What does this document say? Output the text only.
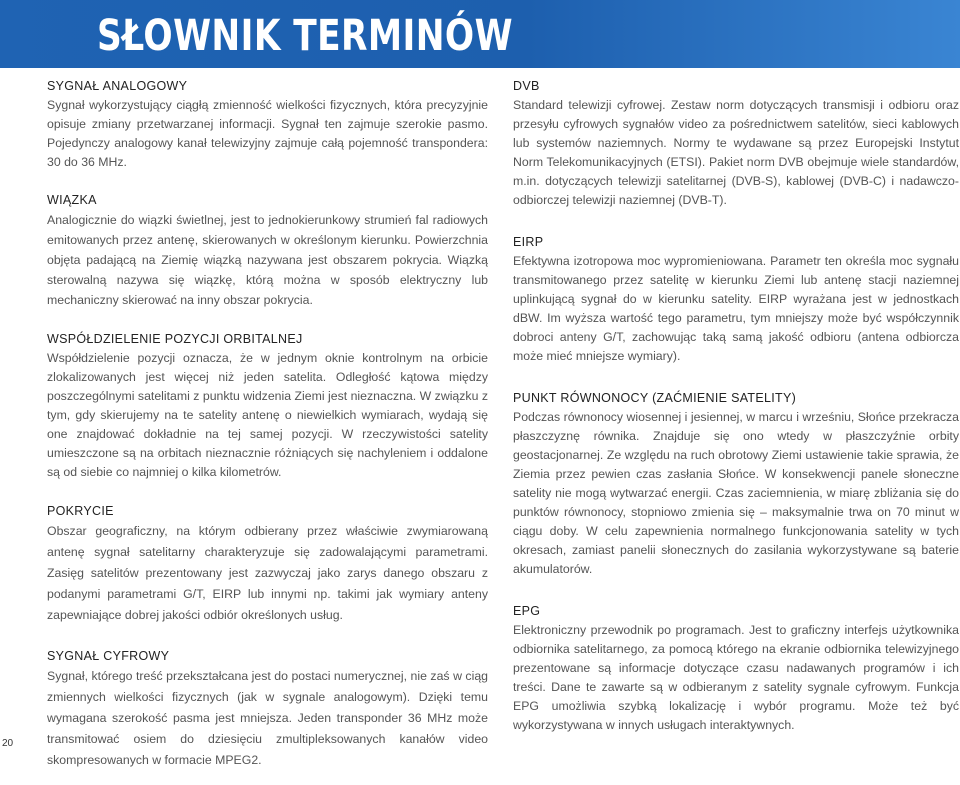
SŁOWNIK TERMINÓW
SYGNAŁ ANALOGOWY

Sygnał wykorzystujący ciągłą zmienność wielkości fizycznych, która precyzyjnie opisuje zmiany przetwarzanej informacji. Sygnał ten zajmuje szerokie pasmo. Pojedynczy analogowy kanał telewizyjny zajmuje całą pojemność transpondera: 30 do 36 MHz.

WIĄZKA

Analogicznie do wiązki świetlnej, jest to jednokierunkowy strumień fal radiowych emitowanych przez antenę, skierowanych w określonym kierunku. Powierzchnia objęta padającą na Ziemię wiązką nazywana jest obszarem pokrycia. Wiązką sterowalną nazywa się wiązkę, którą można w sposób elektryczny lub mechaniczny skierować na inny obszar pokrycia.

WSPÓŁDZIELENIE POZYCJI ORBITALNEJ

Współdzielenie pozycji oznacza, że w jednym oknie kontrolnym na orbicie zlokalizowanych jest więcej niż jeden satelita. Odległość kątowa między poszczególnymi satelitami z punktu widzenia Ziemi jest nieznaczna. W związku z tym, gdy skierujemy na te satelity antenę o niewielkich wymiarach, wydają się one znajdować dokładnie na tej samej pozycji. W rzeczywistości satelity umieszczone są na orbitach nieznacznie różniących się nachyleniem i oddalone są od siebie co najmniej o kilka kilometrów.

POKRYCIE

Obszar geograficzny, na którym odbierany przez właściwie zwymiarowaną antenę sygnał satelitarny charakteryzuje się zadowalającymi parametrami. Zasięg satelitów prezentowany jest zazwyczaj jako zarys danego obszaru z podanymi parametrami G/T, EIRP lub innymi np. takimi jak wymiary anteny zapewniające dobrej jakości odbiór określonych usług.

SYGNAŁ CYFROWY

Sygnał, którego treść przekształcana jest do postaci numerycznej, nie zaś w ciąg zmiennych wielkości fizycznych (jak w sygnale analogowym). Dzięki temu wymagana szerokość pasma jest mniejsza. Jeden transponder 36 MHz może transmitować osiem do dziesięciu zmultipleksowanych kanałów video skompresowanych w formacie MPEG2.

DVB

Standard telewizji cyfrowej. Zestaw norm dotyczących transmisji i odbioru oraz przesyłu cyfrowych sygnałów video za pośrednictwem satelitów, sieci kablowych lub systemów naziemnych. Normy te wydawane są przez Europejski Instytut Norm Telekomunikacyjnych (ETSI). Pakiet norm DVB obejmuje wiele standardów, m.in. dotyczących telewizji satelitarnej (DVB-S), kablowej (DVB-C) i nadawczo-odbiorczej telewizji naziemnej (DVB-T).

EIRP

Efektywna izotropowa moc wypromieniowana. Parametr ten określa moc sygnału transmitowanego przez satelitę w kierunku Ziemi lub antenę stacji naziemnej uplinkującą sygnał do w kierunku satelity. EIRP wyrażana jest w jednostkach dBW. Im wyższa wartość tego parametru, tym mniejszy może być współczynnik dobroci anteny G/T, zachowując taką samą jakość odbioru (antena odbiorcza może mieć mniejsze wymiary).

PUNKT RÓWNONOCY (ZAĆMIENIE SATELITY)

Podczas równonocy wiosennej i jesiennej, w marcu i wrześniu, Słońce przekracza płaszczyznę równika. Znajduje się ono wtedy w płaszczyźnie orbity geostacjonarnej. Ze względu na ruch obrotowy Ziemi ustawienie takie sprawia, że Ziemia przez pewien czas zasłania Słońce. W konsekwencji panele słoneczne satelity nie mogą wytwarzać energii. Czas zaciemnienia, w miarę zbliżania się do punktów równonocy, stopniowo zmienia się – maksymalnie trwa on 70 minut w ciągu doby. W celu zapewnienia normalnego funkcjonowania satelity w tych okresach, zamiast panelii słonecznych do zasilania wykorzystywane są baterie akumulatorów.

EPG

Elektroniczny przewodnik po programach. Jest to graficzny interfejs użytkownika odbiornika satelitarnego, za pomocą którego na ekranie odbiornika telewizyjnego prezentowane są informacje dotyczące czasu nadawanych programów i ich treści. Dane te zawarte są w odbieranym z satelity sygnale cyfrowym. Funkcja EPG umożliwia szybką lokalizację i wybór programu. Może też być wykorzystywana w innych usługach interaktywnych.

20
